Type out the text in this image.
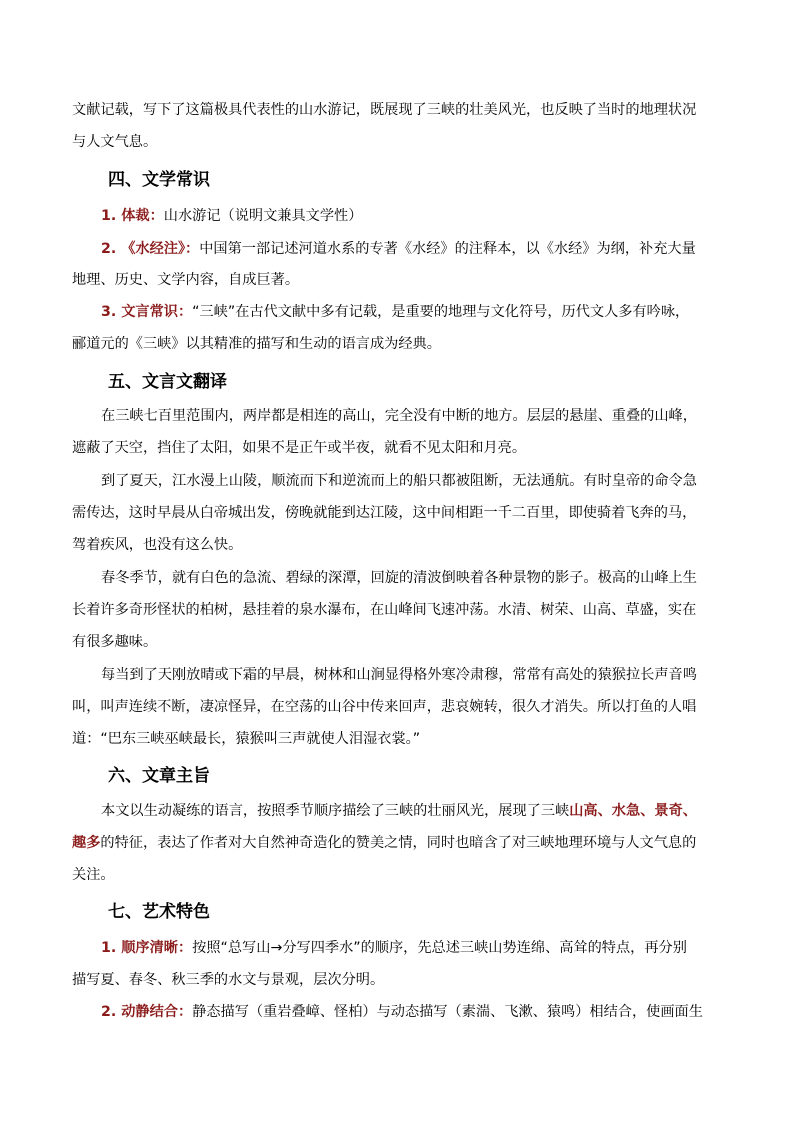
文献记载，写下了这篇极具代表性的山水游记，既展现了三峡的壮美风光，也反映了当时的地理状况
与人文气息。
四、文学常识
1. 体裁：山水游记（说明文兼具文学性）
2. 《水经注》：中国第一部记述河道水系的专著《水经》的注释本，以《水经》为纲，补充大量
地理、历史、文学内容，自成巨著。
3. 文言常识：“三峡”在古代文献中多有记载，是重要的地理与文化符号，历代文人多有吟咏，
郦道元的《三峡》以其精准的描写和生动的语言成为经典。
五、文言文翻译
在三峡七百里范围内，两岸都是相连的高山，完全没有中断的地方。层层的悬崖、重叠的山峰，
遮蔽了天空，挡住了太阳，如果不是正午或半夜，就看不见太阳和月亮。
到了夏天，江水漫上山陵，顺流而下和逆流而上的船只都被阻断，无法通航。有时皇帝的命令急
需传达，这时早晨从白帝城出发，傍晚就能到达江陵，这中间相距一千二百里，即使骑着飞奔的马，
驾着疾风，也没有这么快。
春冬季节，就有白色的急流、碧绿的深潭，回旋的清波倒映着各种景物的影子。极高的山峰上生
长着许多奇形怪状的柏树，悬挂着的泉水瀑布，在山峰间飞速冲荡。水清、树荣、山高、草盛，实在
有很多趣味。
每当到了天刚放晴或下霜的早晨，树林和山涧显得格外寒冷肃穆，常常有高处的猿猴拉长声音鸣
叫，叫声连续不断，凄凉怪异，在空荡的山谷中传来回声，悲哀婉转，很久才消失。所以打鱼的人唱
道：“巴东三峡巫峡最长，猿猴叫三声就使人泪湿衣裳。”
六、文章主旨
本文以生动凝练的语言，按照季节顺序描绘了三峡的壮丽风光，展现了三峡山高、水急、景奇、
趣多的特征，表达了作者对大自然神奇造化的赞美之情，同时也暗含了对三峡地理环境与人文气息的
关注。
七、艺术特色
1. 顺序清晰：按照“总写山→分写四季水”的顺序，先总述三峡山势连绵、高耸的特点，再分别
描写夏、春冬、秋三季的水文与景观，层次分明。
2. 动静结合：静态描写（重岩叠嶂、怪柏）与动态描写（素湍、飞漱、猿鸣）相结合，使画面生
